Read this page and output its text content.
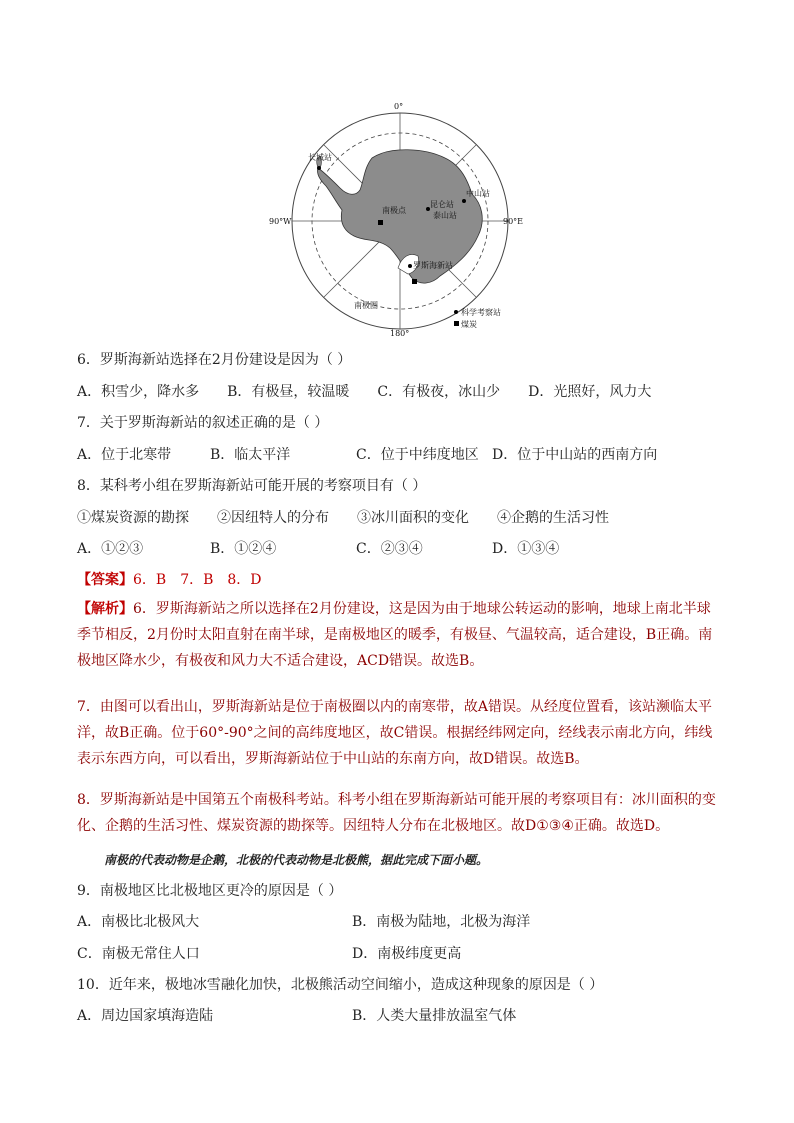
长城站
南极点
昆仑站
泰山站
中山站
罗斯海新站
0°
180°
90°W	90°E
南极圈
科学考察站
煤炭
6．罗斯海新站选择在2月份建设是因为（ ）
A．积雪少，降水多　　B．有极昼，较温暖　　C．有极夜，冰山少　　D．光照好，风力大
7．关于罗斯海新站的叙述正确的是（ ）
A．位于北寒带	B．临太平洋	C．位于中纬度地区 D．位于中山站的西南方向
8．某科考小组在罗斯海新站可能开展的考察项目有（ ）
①煤炭资源的勘探　　②因纽特人的分布　　③冰川面积的变化　　④企鹅的生活习性
A．①②③	B．①②④	C．②③④	D．①③④
【答案】6．B　7．B　8．D
【解析】6．罗斯海新站之所以选择在2月份建设，这是因为由于地球公转运动的影响，地球上南北半球季节相反，2月份时太阳直射在南半球，是南极地区的暖季，有极昼、气温较高，适合建设，B正确。南极地区降水少，有极夜和风力大不适合建设，ACD错误。故选B。
7．由图可以看出山，罗斯海新站是位于南极圈以内的南寒带，故A错误。从经度位置看，该站濒临太平洋，故B正确。位于60°-90°之间的高纬度地区，故C错误。根据经纬网定向，经线表示南北方向，纬线表示东西方向，可以看出，罗斯海新站位于中山站的东南方向，故D错误。故选B。
8．罗斯海新站是中国第五个南极科考站。科考小组在罗斯海新站可能开展的考察项目有：冰川面积的变化、企鹅的生活习性、煤炭资源的勘探等。因纽特人分布在北极地区。故D①③④正确。故选D。
南极的代表动物是企鹅，北极的代表动物是北极熊，据此完成下面小题。
9．南极地区比北极地区更冷的原因是（ ）
A．南极比北极风大	B．南极为陆地，北极为海洋
C．南极无常住人口	D．南极纬度更高
10．近年来，极地冰雪融化加快，北极熊活动空间缩小，造成这种现象的原因是（ ）
A．周边国家填海造陆	B．人类大量排放温室气体
